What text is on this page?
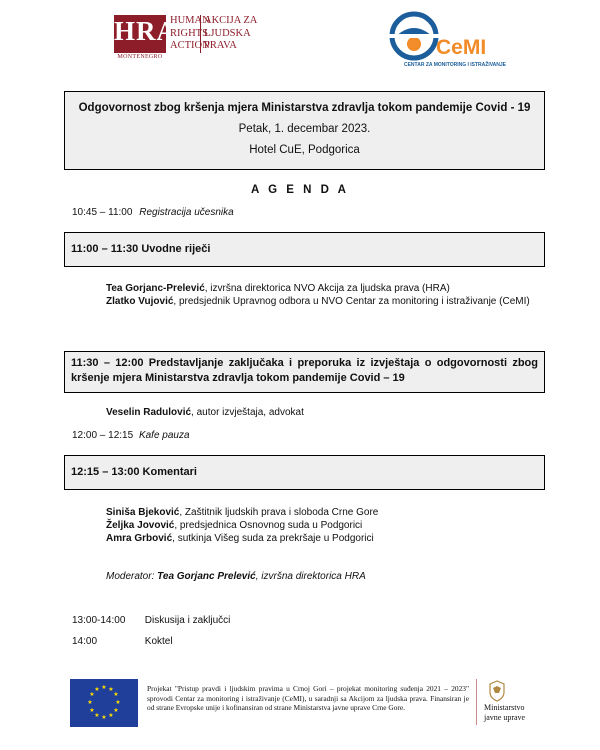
HRA
MONTENEGRO
HUMAN
RIGHTS
ACTION
AKCIJA ZA
LJUDSKA
PRAVA	CeMI
CENTAR ZA MONITORING I ISTRAŽIVANJE
Odgovornost zbog kršenja mjera Ministarstva zdravlja tokom pandemije Covid - 19
Petak, 1. decembar 2023.
Hotel CuE, Podgorica
A G E N D A
10:45 – 11:00 Registracija učesnika
11:00 – 11:30 Uvodne riječi
Tea Gorjanc-Prelević, izvršna direktorica NVO Akcija za ljudska prava (HRA)
Zlatko Vujović, predsjednik Upravnog odbora u NVO Centar za monitoring i istraživanje (CeMI)
11:30 – 12:00 Predstavljanje zaključaka i preporuka iz izvještaja o odgovornosti zbog kršenje mjera Ministarstva zdravlja tokom pandemije Covid – 19
Veselin Radulović, autor izvještaja, advokat
12:00 – 12:15 Kafe pauza
12:15 – 13:00 Komentari
Siniša Bjeković, Zaštitnik ljudskih prava i sloboda Crne Gore
Željka Jovović, predsjednica Osnovnog suda u Podgorici
Amra Grbović, sutkinja Višeg suda za prekršaje u Podgorici
Moderator: Tea Gorjanc Prelević, izvršna direktorica HRA
13:00-14:00 Diskusija i zaključci
14:00	Koktel
★ ★
★
★
★
★
★
★
★
★
★
★	Projekat "Pristup pravdi i ljudskim pravima u Crnoj Gori – projekat monitoring suđenja 2021 – 2023" sprovodi Centar za monitoring i istraživanje (CeMI), u saradnji sa Akcijom za ljudska prava. Finansiran je od strane Evropske unije i kofinansiran od strane Ministarstva javne uprave Crne Gore.	Ministarstvo
javne uprave
